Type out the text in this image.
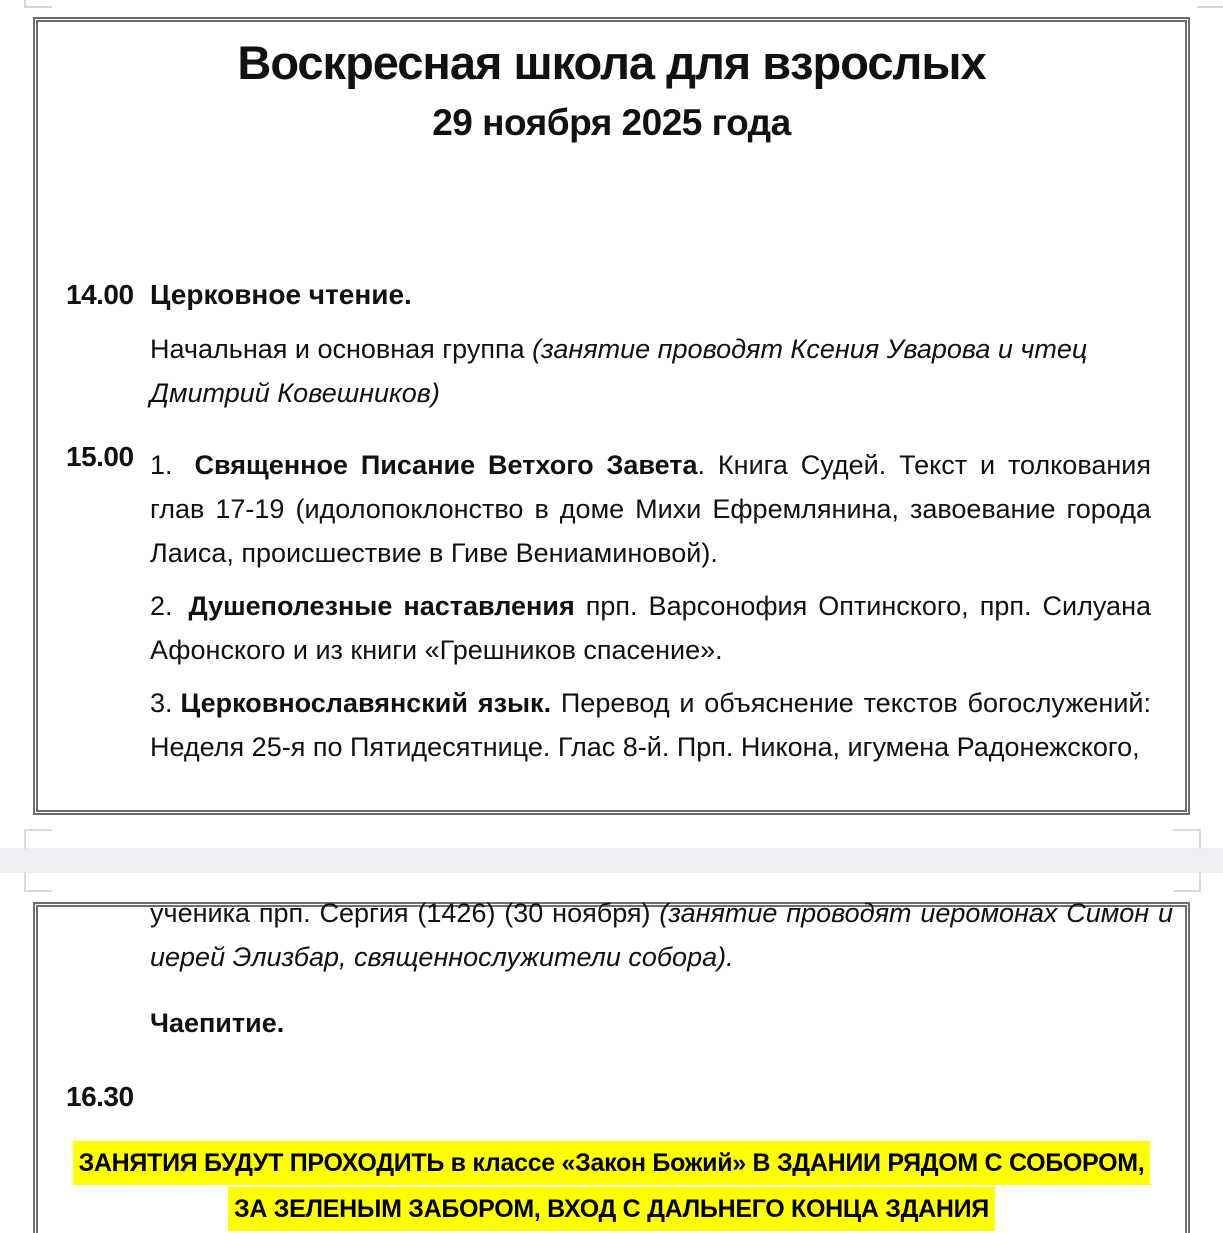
Воскресная школа для взрослых
29 ноября 2025 года
14.00 Церковное чтение.

Начальная и основная группа (занятие проводят Ксения Уварова и чтец Дмитрий Ковешников)

15.00 1. Священное Писание Ветхого Завета. Книга Судей. Текст и толкования глав 17-19 (идолопоклонство в доме Михи Ефремлянина, завоевание города Лаиса, происшествие в Гиве Вениаминовой).

2. Душеполезные наставления прп. Варсонофия Оптинского, прп. Силуана Афонского и из книги «Грешников спасение».

3. Церковнославянский язык. Перевод и объяснение текстов богослужений: Неделя 25-я по Пятидесятнице. Глас 8-й. Прп. Никона, игумена Радонежского,

ученика прп. Сергия (1426) (30 ноября) (занятие проводят иеромонах Симон и иерей Элизбар, священнослужители собора).

Чаепитие.
16.30
ЗАНЯТИЯ БУДУТ ПРОХОДИТЬ в классе «Закон Божий» В ЗДАНИИ РЯДОМ С СОБОРОМ,
ЗА ЗЕЛЕНЫМ ЗАБОРОМ, ВХОД С ДАЛЬНЕГО КОНЦА ЗДАНИЯ
